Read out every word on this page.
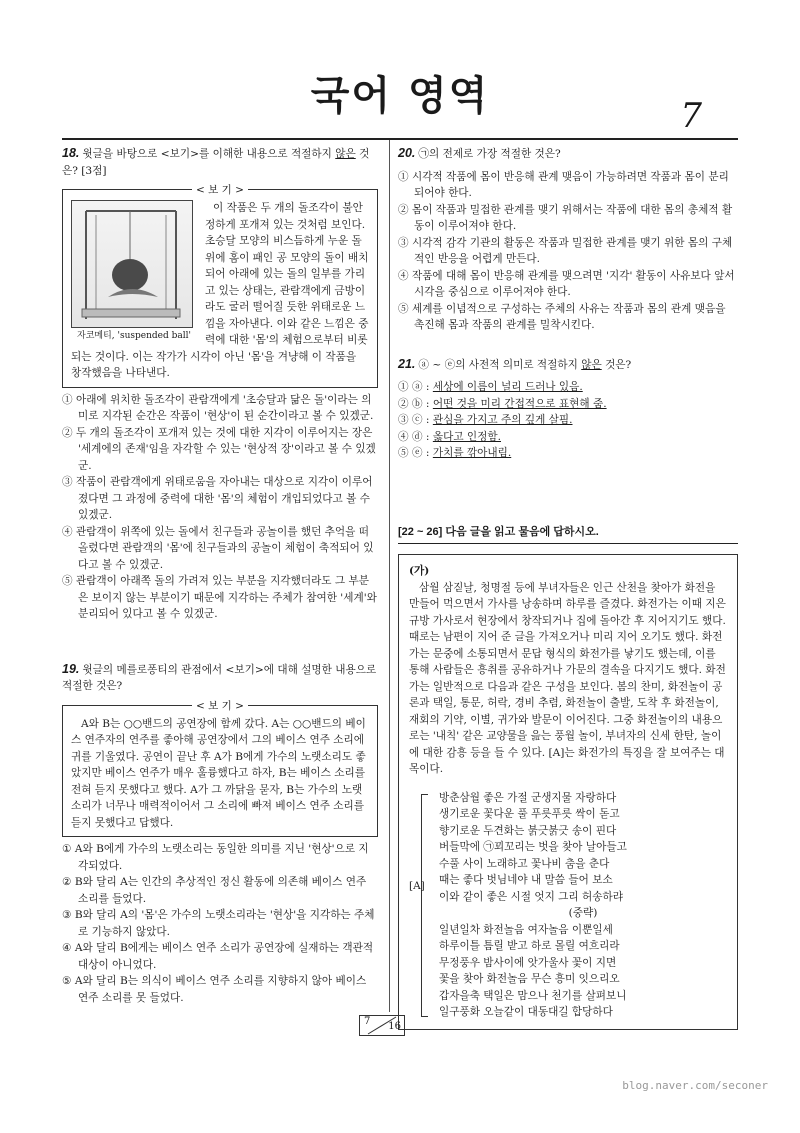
국어 영역	7

18. 윗글을 바탕으로 <보기>를 이해한 내용으로 적절하지 않은 것은? [3점]

< 보 기 >
자코메티, 'suspended ball'
이 작품은 두 개의 돌조각이 불안정하게 포개져 있는 것처럼 보인다. 초승달 모양의 비스듬하게 누운 돌 위에 홈이 패인 공 모양의 돌이 배치되어 아래에 있는 돌의 일부를 가리고 있는 상태는, 관람객에게 금방이라도 굴러 떨어질 듯한 위태로운 느낌을 자아낸다. 이와 같은 느낌은 중력에 대한 '몸'의 체험으로부터 비롯되는 것이다. 이는 작가가 시각이 아닌 '몸'을 겨냥해 이 작품을 창작했음을 나타낸다.
① 아래에 위치한 돌조각이 관람객에게 '초승달과 닮은 돌'이라는 의미로 지각된 순간은 작품이 '현상'이 된 순간이라고 볼 수 있겠군.
② 두 개의 돌조각이 포개져 있는 것에 대한 지각이 이루어지는 장은 '세계에의 존재'임을 자각할 수 있는 '현상적 장'이라고 볼 수 있겠군.
③ 작품이 관람객에게 위태로움을 자아내는 대상으로 지각이 이루어졌다면 그 과정에 중력에 대한 '몸'의 체험이 개입되었다고 볼 수 있겠군.
④ 관람객이 위쪽에 있는 돌에서 친구들과 공놀이를 했던 추억을 떠올렸다면 관람객의 '몸'에 친구들과의 공놀이 체험이 축적되어 있다고 볼 수 있겠군.
⑤ 관람객이 아래쪽 돌의 가려져 있는 부분을 지각했더라도 그 부분은 보이지 않는 부분이기 때문에 지각하는 주체가 참여한 '세계'와 분리되어 있다고 볼 수 있겠군.

19. 윗글의 메를로퐁티의 관점에서 <보기>에 대해 설명한 내용으로 적절한 것은?

< 보 기 >
A와 B는 ○○밴드의 공연장에 함께 갔다. A는 ○○밴드의 베이스 연주자의 연주를 좋아해 공연장에서 그의 베이스 연주 소리에 귀를 기울였다. 공연이 끝난 후 A가 B에게 가수의 노랫소리도 좋았지만 베이스 연주가 매우 훌륭했다고 하자, B는 베이스 소리를 전혀 듣지 못했다고 했다. A가 그 까닭을 묻자, B는 가수의 노랫소리가 너무나 매력적이어서 그 소리에 빠져 베이스 연주 소리를 듣지 못했다고 답했다.
① A와 B에게 가수의 노랫소리는 동일한 의미를 지닌 '현상'으로 지각되었다.
② B와 달리 A는 인간의 추상적인 정신 활동에 의존해 베이스 연주 소리를 들었다.
③ B와 달리 A의 '몸'은 가수의 노랫소리라는 '현상'을 지각하는 주체로 기능하지 않았다.
④ A와 달리 B에게는 베이스 연주 소리가 공연장에 실재하는 객관적 대상이 아니었다.
⑤ A와 달리 B는 의식이 베이스 연주 소리를 지향하지 않아 베이스 연주 소리를 못 들었다.

20. ㉠의 전제로 가장 적절한 것은?

① 시각적 작품에 몸이 반응해 관계 맺음이 가능하려면 작품과 몸이 분리되어야 한다.
② 몸이 작품과 밀접한 관계를 맺기 위해서는 작품에 대한 몸의 총체적 활동이 이루어져야 한다.
③ 시각적 감각 기관의 활동은 작품과 밀접한 관계를 맺기 위한 몸의 구체적인 반응을 어렵게 만든다.
④ 작품에 대해 몸이 반응해 관계를 맺으려면 '지각' 활동이 사유보다 앞서 시각을 중심으로 이루어져야 한다.
⑤ 세계를 이념적으로 구성하는 주체의 사유는 작품과 몸의 관계 맺음을 촉진해 몸과 작품의 관계를 밀착시킨다.

21. ⓐ ~ ⓔ의 사전적 의미로 적절하지 않은 것은?

① ⓐ : 세상에 이름이 널리 드러나 있음.
② ⓑ : 어떤 것을 미리 간접적으로 표현해 줌.
③ ⓒ : 관심을 가지고 주의 깊게 살핌.
④ ⓓ : 옳다고 인정함.
⑤ ⓔ : 가치를 깎아내림.
[22 ~ 26] 다음 글을 읽고 물음에 답하시오.
(가)
삼월 삼짇날, 청명절 등에 부녀자들은 인근 산천을 찾아가 화전을 만들어 먹으면서 가사를 낭송하며 하루를 즐겼다. 화전가는 이때 지은 규방 가사로서 현장에서 창작되거나 집에 돌아간 후 지어지기도 했다. 때로는 남편이 지어 준 글을 가져오거나 미리 지어 오기도 했다. 화전가는 문중에 소통되면서 문답 형식의 화전가를 낳기도 했는데, 이를 통해 사람들은 흥취를 공유하거나 가문의 결속을 다지기도 했다. 화전가는 일반적으로 다음과 같은 구성을 보인다. 봄의 찬미, 화전놀이 공론과 택일, 통문, 허락, 경비 추렴, 화전놀이 출발, 도착 후 화전놀이, 재회의 기약, 이별, 귀가와 발문이 이어진다. 그중 화전놀이의 내용으로는 '내칙' 같은 교양물을 읊는 풍월 놀이, 부녀자의 신세 한탄, 놀이에 대한 감흥 등을 들 수 있다. [A]는 화전가의 특징을 잘 보여주는 대목이다.
[A]
방춘삼월 좋은 가절 군생지물 자랑하다
생기로운 꽃다운 풀 푸릇푸릇 싹이 돋고
향기로운 두견화는 붉긋붉긋 송이 핀다
버들막에 ㉠꾀꼬리는 벗을 찾아 날아들고
수풀 사이 노래하고 꽃나비 춤을 춘다
때는 좋다 벗님네야 내 말씀 들어 보소
이와 같이 좋은 시절 엇지 그리 허송하랴
(중략)
일년일차 화전놀음 여자놀음 이뿐일세
하루이틀 틈릴 받고 하로 몰릴 여흐리라
무정풍우 밤사이에 앗가울사 꽃이 지면
꽃을 찾아 화전놀음 무슨 흥미 잇으리오
갑자을축 택일은 맘으나 천기를 살펴보니
일구풍화 오늘같이 대동대길 합당하다
7 16
blog.naver.com/seconer
